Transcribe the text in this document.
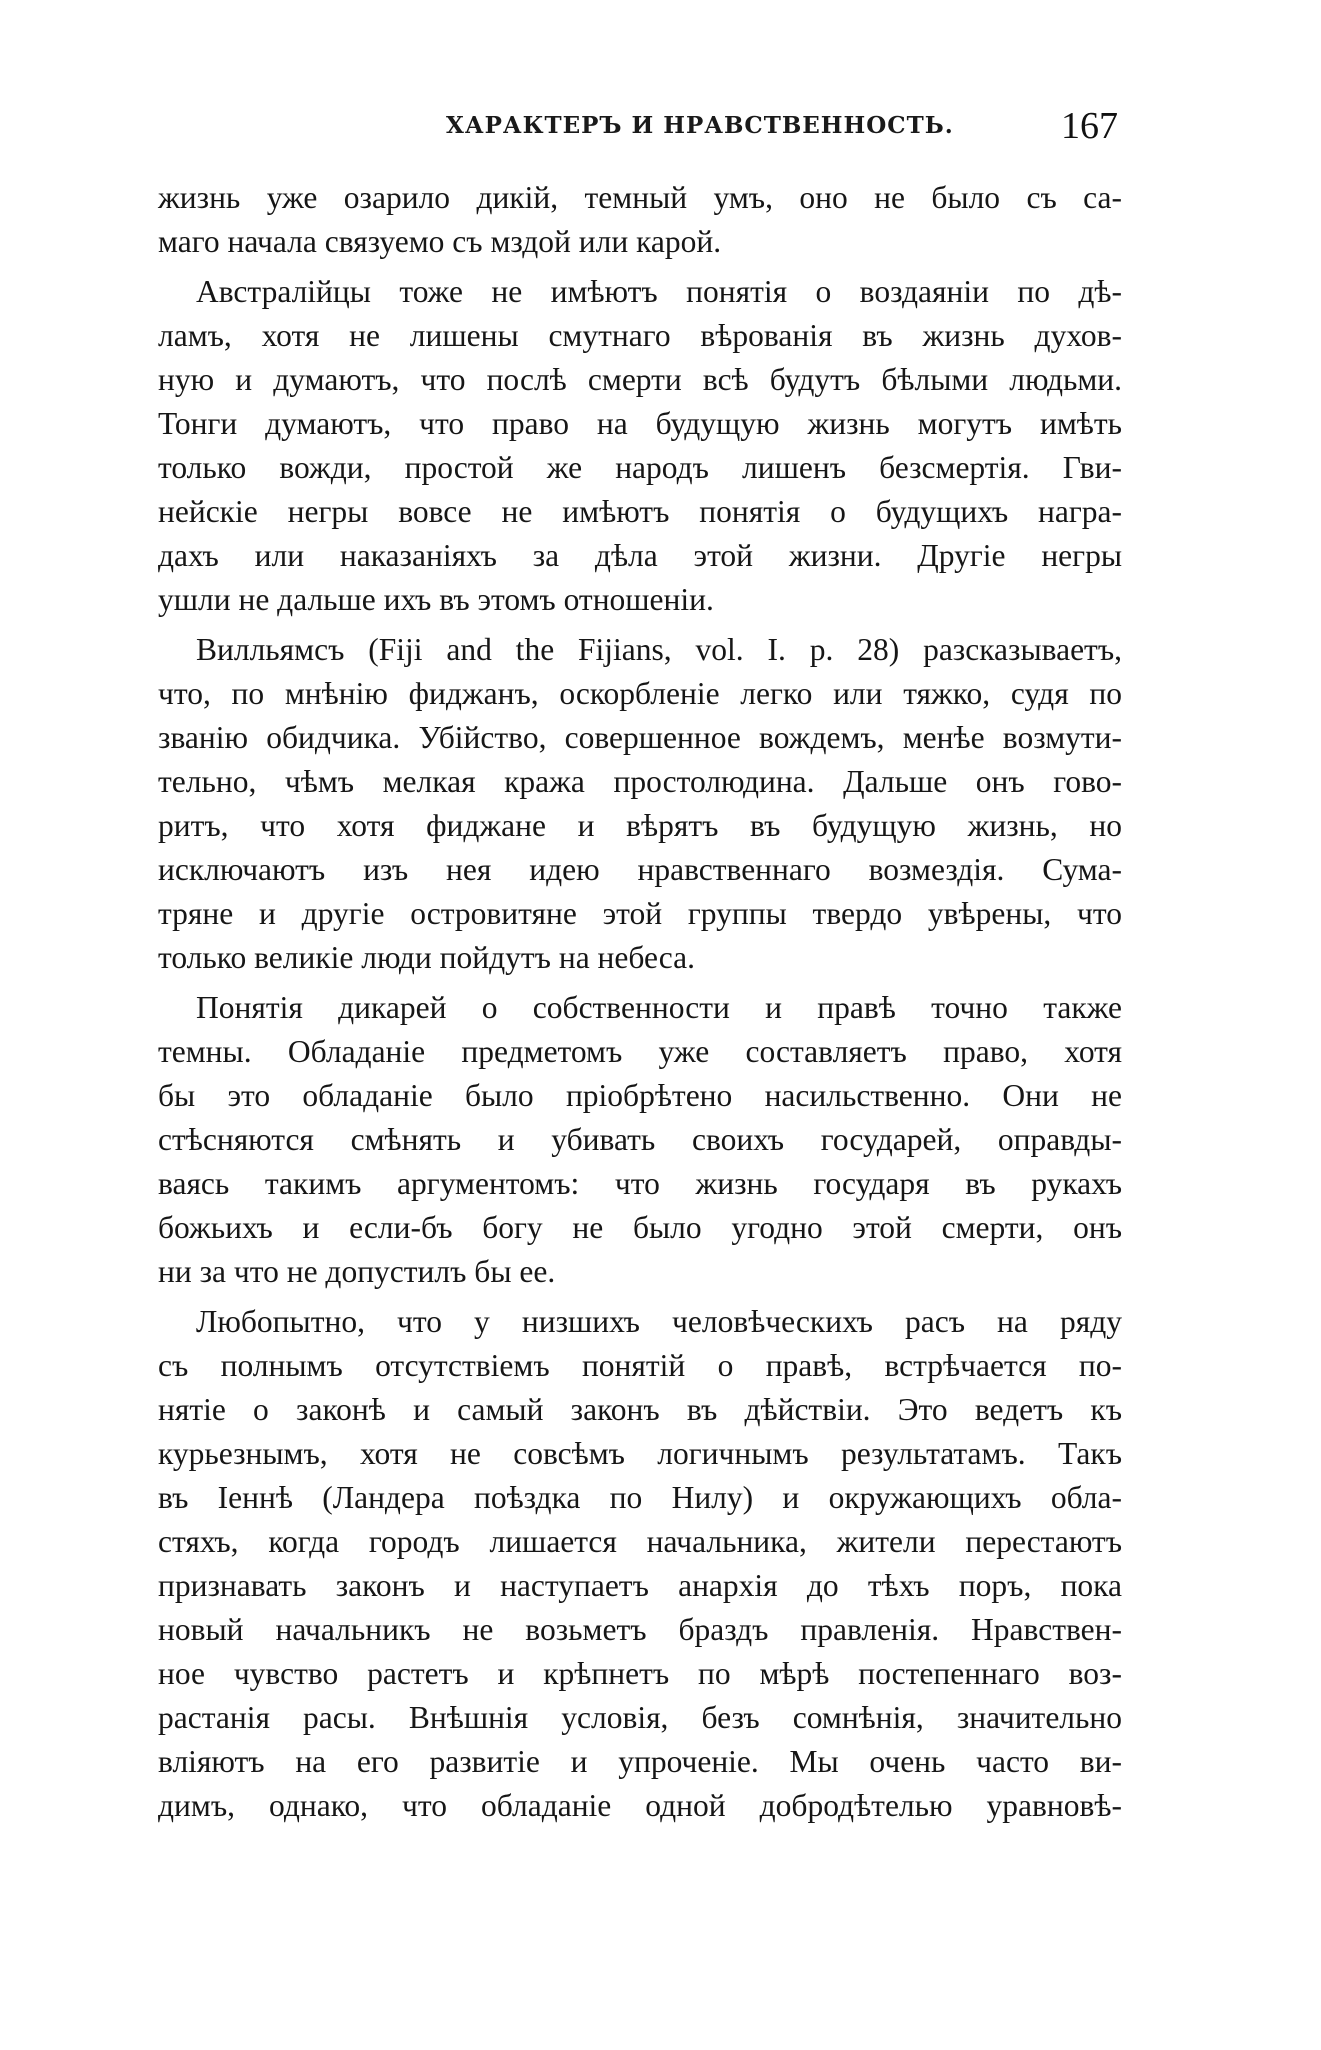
ХАРАКТЕРЪ И НРАВСТВЕННОСТЬ.	167
жизнь уже озарило дикій, темный умъ, оно не было съ са-
маго начала связуемо съ мздой или карой.
Австралійцы тоже не имѣютъ понятія о воздаяніи по дѣ-
ламъ, хотя не лишены смутнаго вѣрованія въ жизнь духов-
ную и думаютъ, что послѣ смерти всѣ будутъ бѣлыми людьми.
Тонги думаютъ, что право на будущую жизнь могутъ имѣть
только вожди, простой же народъ лишенъ безсмертія. Гви-
нейскіе негры вовсе не имѣютъ понятія о будущихъ награ-
дахъ или наказаніяхъ за дѣла этой жизни. Другіе негры
ушли не дальше ихъ въ этомъ отношеніи.
Вилльямсъ (Fiji and the Fijians, vol. I. p. 28) разсказываетъ,
что, по мнѣнію фиджанъ, оскорбленіе легко или тяжко, судя по
званію обидчика. Убійство, совершенное вождемъ, менѣе возмути-
тельно, чѣмъ мелкая кража простолюдина. Дальше онъ гово-
ритъ, что хотя фиджане и вѣрятъ въ будущую жизнь, но
исключаютъ изъ нея идею нравственнаго возмездія. Сума-
тряне и другіе островитяне этой группы твердо увѣрены, что
только великіе люди пойдутъ на небеса.
Понятія дикарей о собственности и правѣ точно также
темны. Обладаніе предметомъ уже составляетъ право, хотя
бы это обладаніе было пріобрѣтено насильственно. Они не
стѣсняются смѣнять и убивать своихъ государей, оправды-
ваясь такимъ аргументомъ: что жизнь государя въ рукахъ
божьихъ и если-бъ богу не было угодно этой смерти, онъ
ни за что не допустилъ бы ее.
Любопытно, что у низшихъ человѣческихъ расъ на ряду
съ полнымъ отсутствіемъ понятій о правѣ, встрѣчается по-
нятіе о законѣ и самый законъ въ дѣйствіи. Это ведетъ къ
курьезнымъ, хотя не совсѣмъ логичнымъ результатамъ. Такъ
въ Іеннѣ (Ландера поѣздка по Нилу) и окружающихъ обла-
стяхъ, когда городъ лишается начальника, жители перестаютъ
признавать законъ и наступаетъ анархія до тѣхъ поръ, пока
новый начальникъ не возьметъ браздъ правленія. Нравствен-
ное чувство растетъ и крѣпнетъ по мѣрѣ постепеннаго воз-
растанія расы. Внѣшнія условія, безъ сомнѣнія, значительно
вліяютъ на его развитіе и упроченіе. Мы очень часто ви-
димъ, однако, что обладаніе одной добродѣтелью уравновѣ-
